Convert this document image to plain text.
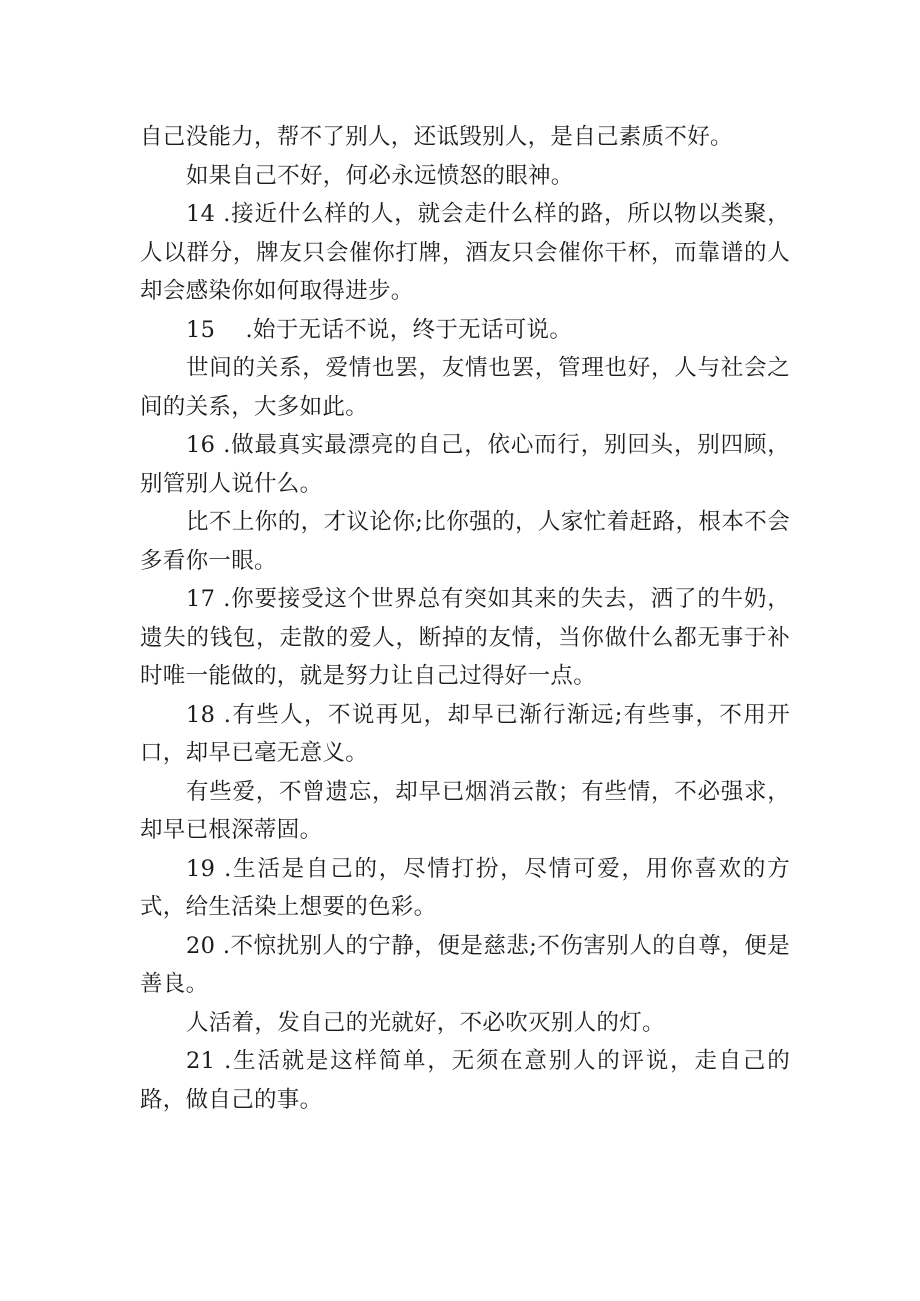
自己没能力，帮不了别人，还诋毁别人，是自己素质不好。

如果自己不好，何必永远愤怒的眼神。

14 .接近什么样的人，就会走什么样的路，所以物以类聚，人以群分，牌友只会催你打牌，酒友只会催你干杯，而靠谱的人却会感染你如何取得进步。

15　 .始于无话不说，终于无话可说。

世间的关系，爱情也罢，友情也罢，管理也好，人与社会之间的关系，大多如此。

16 .做最真实最漂亮的自己，依心而行，别回头，别四顾，别管别人说什么。

比不上你的，才议论你;比你强的，人家忙着赶路，根本不会多看你一眼。

17 .你要接受这个世界总有突如其来的失去，洒了的牛奶，遗失的钱包，走散的爱人，断掉的友情，当你做什么都无事于补时唯一能做的，就是努力让自己过得好一点。

18 .有些人，不说再见，却早已渐行渐远;有些事，不用开口，却早已毫无意义。

有些爱，不曾遗忘，却早已烟消云散；有些情，不必强求，却早已根深蒂固。

19 .生活是自己的，尽情打扮，尽情可爱，用你喜欢的方式，给生活染上想要的色彩。

20 .不惊扰别人的宁静，便是慈悲;不伤害别人的自尊，便是善良。

人活着，发自己的光就好，不必吹灭别人的灯。

21 .生活就是这样简单，无须在意别人的评说，走自己的路，做自己的事。
